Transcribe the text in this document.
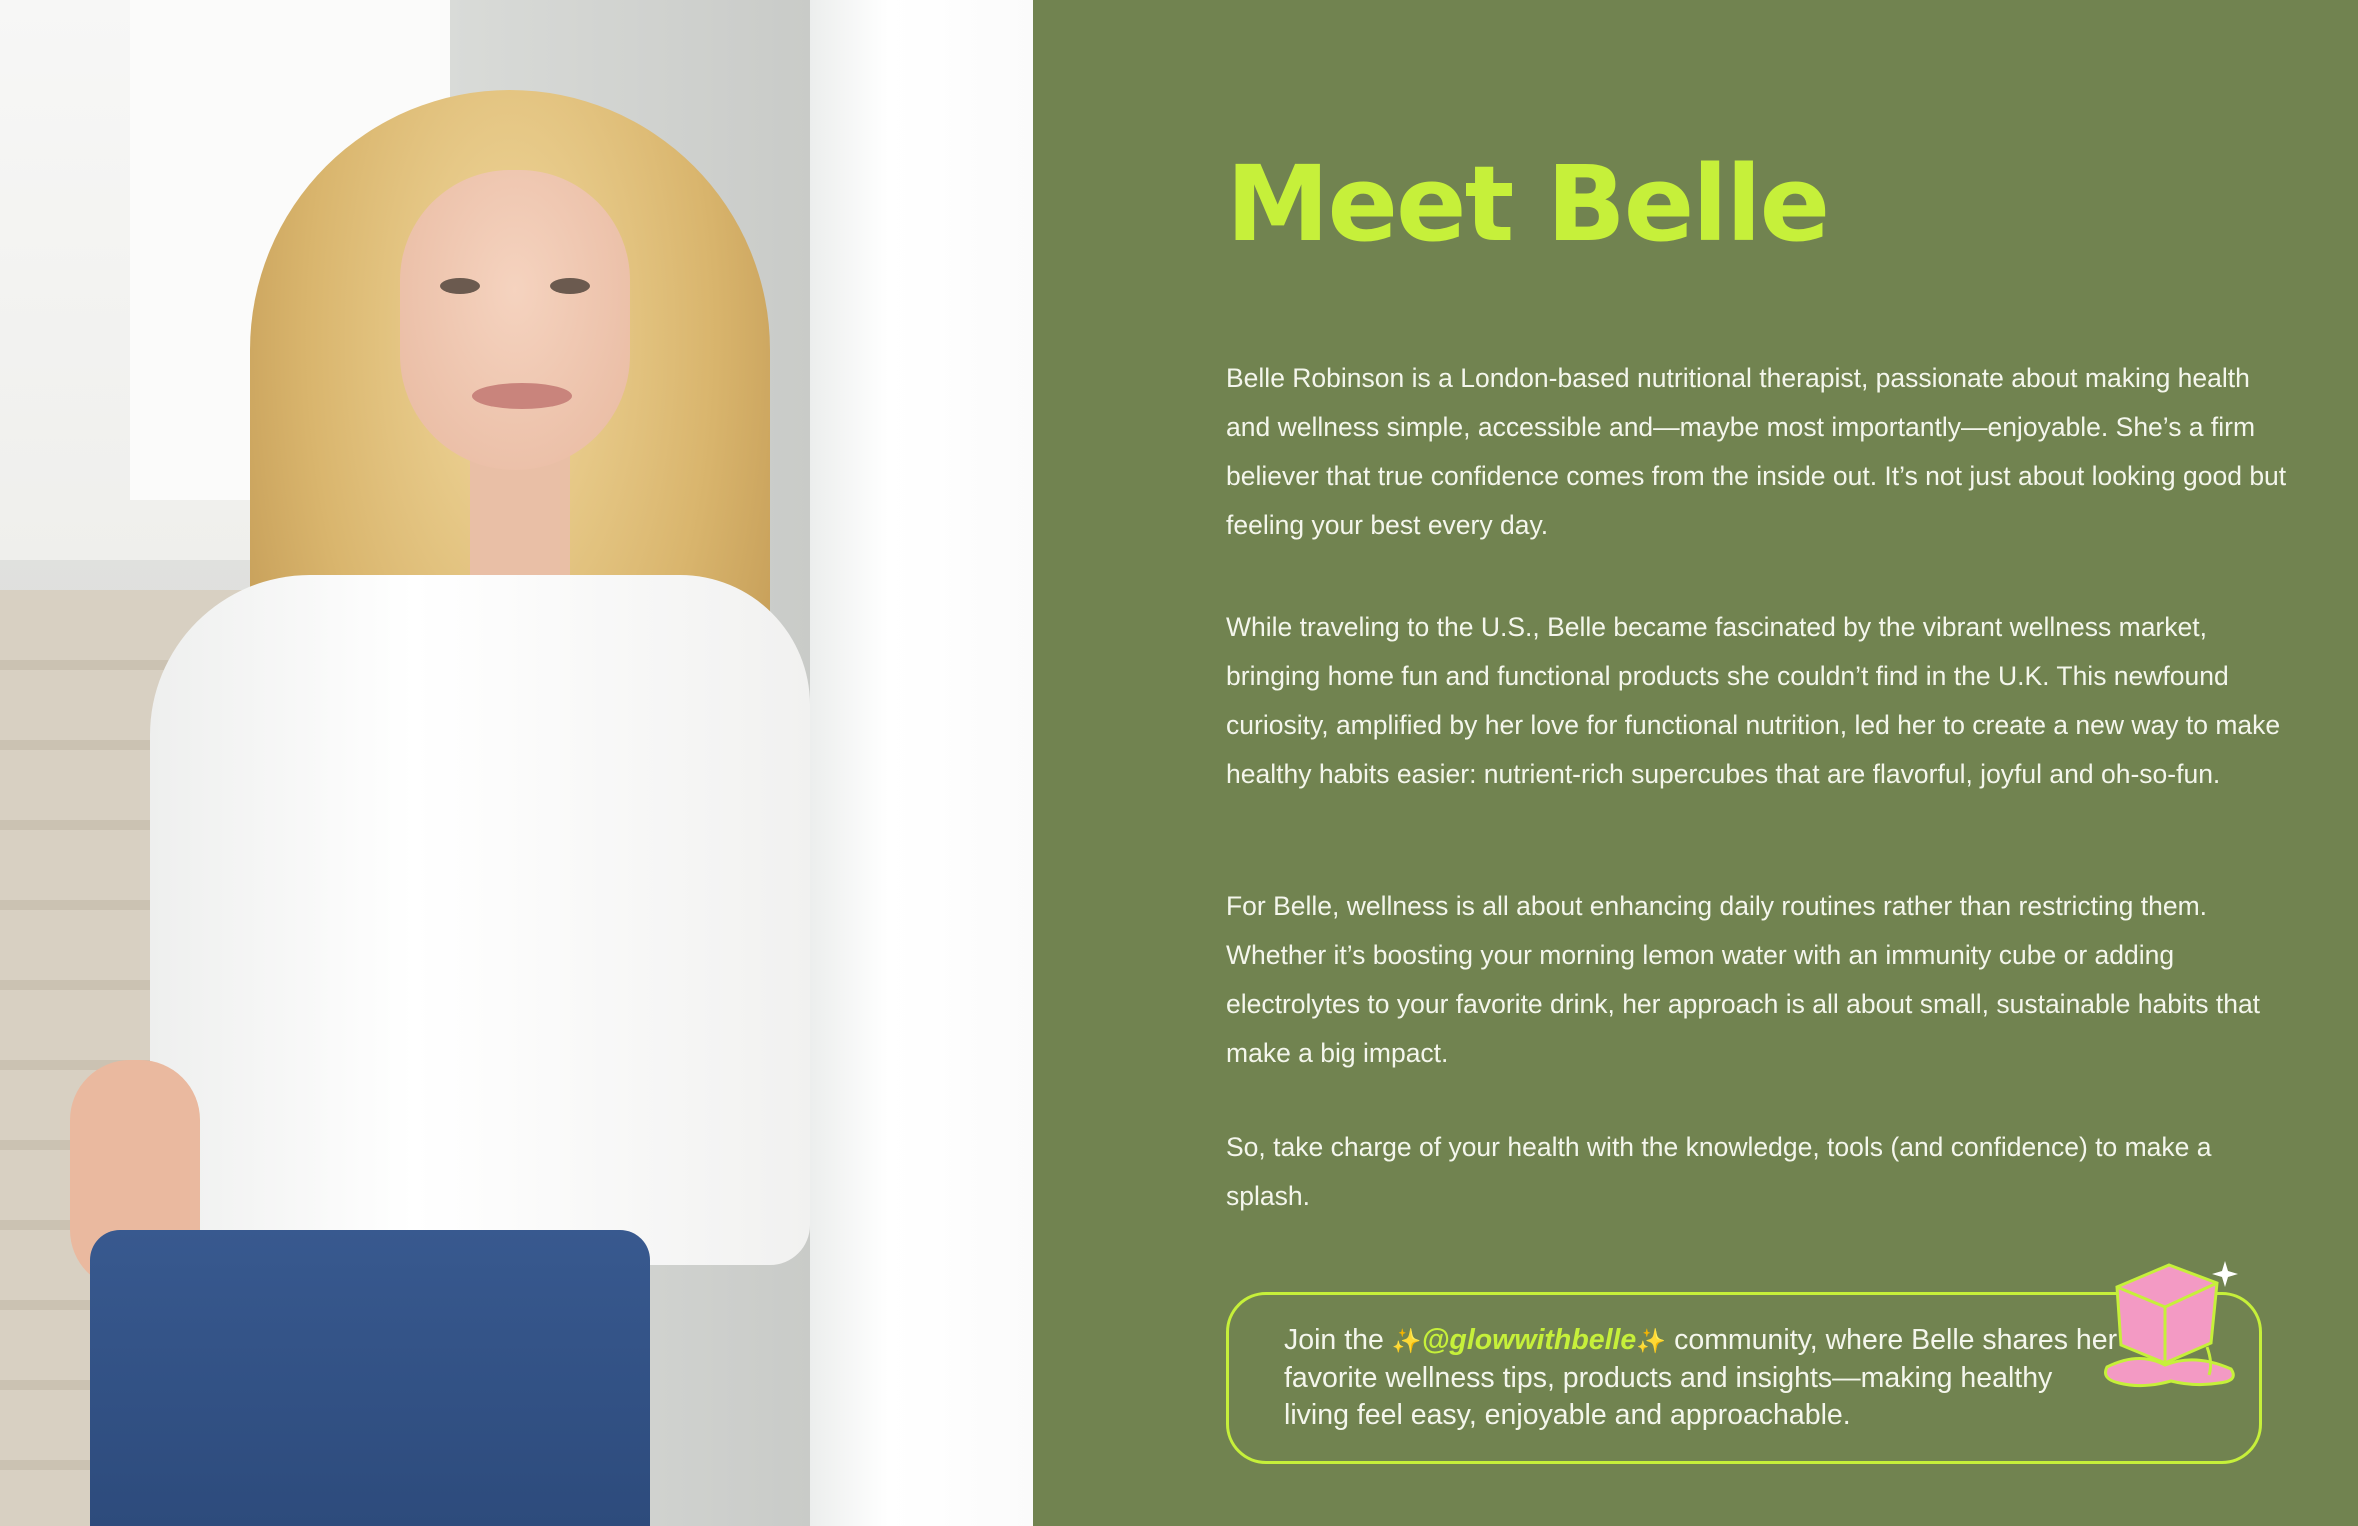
Meet Belle

Belle Robinson is a London-based nutritional therapist, passionate about making health and wellness simple, accessible and—maybe most importantly—enjoyable. She’s a firm believer that true confidence comes from the inside out. It’s not just about looking good but feeling your best every day.

While traveling to the U.S., Belle became fascinated by the vibrant wellness market, bringing home fun and functional products she couldn’t find in the U.K. This newfound curiosity, amplified by her love for functional nutrition, led her to create a new way to make healthy habits easier: nutrient-rich supercubes that are flavorful, joyful and oh-so-fun.

For Belle, wellness is all about enhancing daily routines rather than restricting them. Whether it’s boosting your morning lemon water with an immunity cube or adding electrolytes to your favorite drink, her approach is all about small, sustainable habits that make a big impact.

So, take charge of your health with the knowledge, tools (and confidence) to make a splash.

Join the ✨@glowwithbelle✨ community, where Belle shares her favorite wellness tips, products and insights—making healthy living feel easy, enjoyable and approachable.
